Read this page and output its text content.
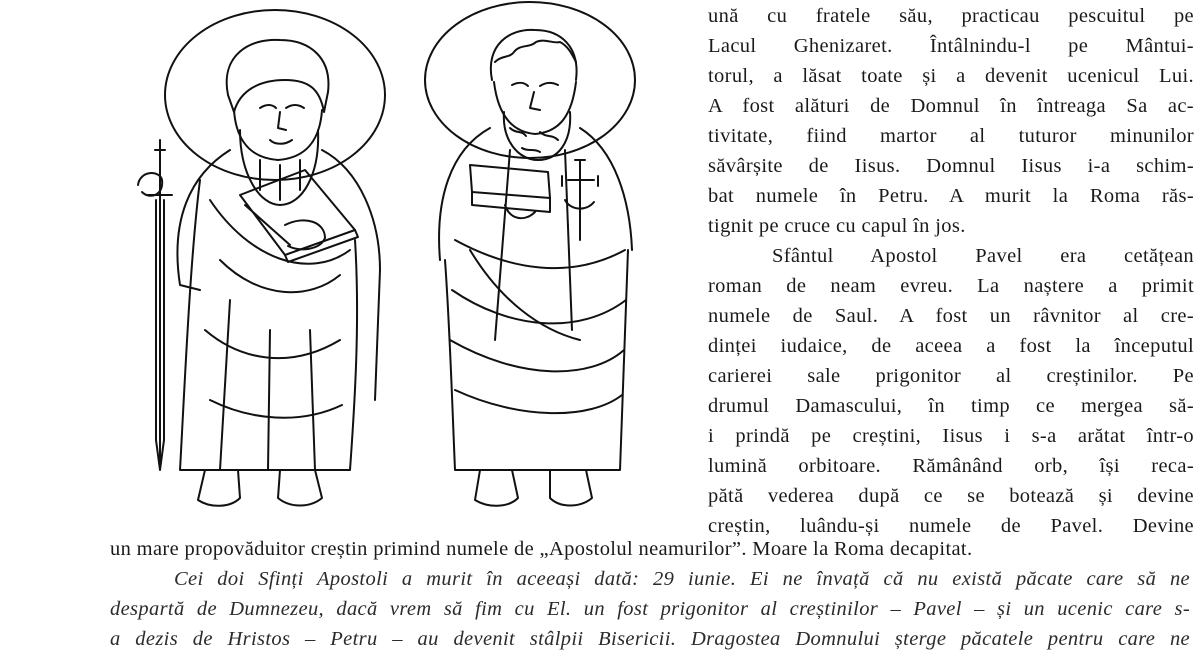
ună cu fratele său, practicau pescuitul pe
Lacul Ghenizaret. Întâlnindu-l pe Mântui-
torul, a lăsat toate și a devenit ucenicul Lui.
A fost alături de Domnul în întreaga Sa ac-
tivitate, fiind martor al tuturor minunilor
săvârșite de Iisus. Domnul Iisus i-a schim-
bat numele în Petru. A murit la Roma răs-
tignit pe cruce cu capul în jos.
Sfântul Apostol Pavel era cetățean
roman de neam evreu. La naștere a primit
numele de Saul. A fost un râvnitor al cre-
dinței iudaice, de aceea a fost la începutul
carierei sale prigonitor al creștinilor. Pe
drumul Damascului, în timp ce mergea să-
i prindă pe creștini, Iisus i s-a arătat într-o
lumină orbitoare. Rămânând orb, își reca-
pătă vederea după ce se botează și devine
creștin, luându-și numele de Pavel. Devine
un mare propovăduitor creștin primind numele de „Apostolul neamurilor”. Moare la Roma decapitat.
Cei doi Sfinți Apostoli a murit în aceeași dată: 29 iunie. Ei ne învață că nu există păcate care să ne
despartă de Dumnezeu, dacă vrem să fim cu El. un fost prigonitor al creștinilor – Pavel – și un ucenic care s-
a dezis de Hristos – Petru – au devenit stâlpii Bisericii. Dragostea Domnului șterge păcatele pentru care ne
